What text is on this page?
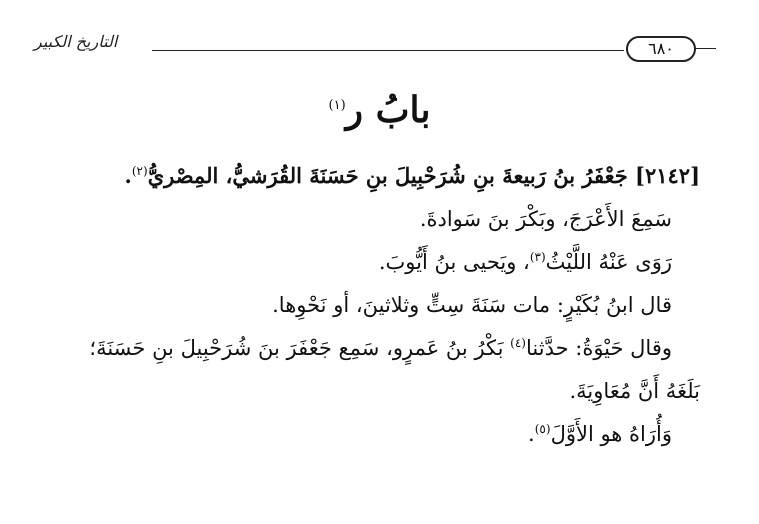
التاريخ الكبير	٦٨٠
بابُ ر$^{(١)}$
[٢١٤٢] جَعْفَرُ بنُ رَبيعةَ بنِ شُرَحْبِيلَ بنِ حَسَنَةَ القُرَشيُّ، المِصْريُّ$^{(٢)}$.
سَمِعَ الأَعْرَجَ، وبَكْرَ بنَ سَوادةَ.
رَوَى عَنْهُ اللَّيْثُ$^{(٣)}$، ويَحيى بنُ أَيُّوبَ.
قال ابنُ بُكَيْرٍ: مات سَنَةَ سِتٍّ وثلاثينَ، أو نَحْوِها.
وقال حَيْوَةُ: حدَّثنا$^{(٤)}$ بَكْرُ بنُ عَمرٍو، سَمِع جَعْفَرَ بنَ شُرَحْبِيلَ بنِ حَسَنَةَ؛
بَلَغَهُ أَنَّ مُعَاوِيَةَ.
وَأُرَاهُ هو الأَوَّلَ$^{(٥)}$.
